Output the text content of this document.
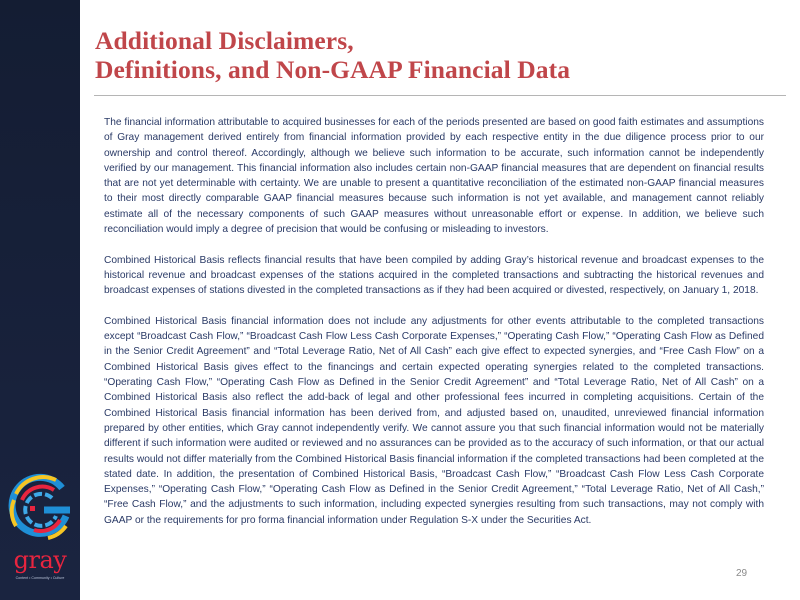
gray
Content • Community • Culture
Additional Disclaimers,
Definitions, and Non-GAAP Financial Data

The financial information attributable to acquired businesses for each of the periods presented are based on good faith estimates and assumptions of Gray management derived entirely from financial information provided by each respective entity in the due diligence process prior to our ownership and control thereof. Accordingly, although we believe such information to be accurate, such information cannot be independently verified by our management. This financial information also includes certain non-GAAP financial measures that are dependent on financial results that are not yet determinable with certainty. We are unable to present a quantitative reconciliation of the estimated non-GAAP financial measures to their most directly comparable GAAP financial measures because such information is not yet available, and management cannot reliably estimate all of the necessary components of such GAAP measures without unreasonable effort or expense. In addition, we believe such reconciliation would imply a degree of precision that would be confusing or misleading to investors.

Combined Historical Basis reflects financial results that have been compiled by adding Gray’s historical revenue and broadcast expenses to the historical revenue and broadcast expenses of the stations acquired in the completed transactions and subtracting the historical revenues and broadcast expenses of stations divested in the completed transactions as if they had been acquired or divested, respectively, on January 1, 2018.

Combined Historical Basis financial information does not include any adjustments for other events attributable to the completed transactions except “Broadcast Cash Flow,” “Broadcast Cash Flow Less Cash Corporate Expenses,” “Operating Cash Flow,” “Operating Cash Flow as Defined in the Senior Credit Agreement” and “Total Leverage Ratio, Net of All Cash” each give effect to expected synergies, and “Free Cash Flow” on a Combined Historical Basis gives effect to the financings and certain expected operating synergies related to the completed transactions. “Operating Cash Flow,” “Operating Cash Flow as Defined in the Senior Credit Agreement” and “Total Leverage Ratio, Net of All Cash” on a Combined Historical Basis also reflect the add-back of legal and other professional fees incurred in completing acquisitions. Certain of the Combined Historical Basis financial information has been derived from, and adjusted based on, unaudited, unreviewed financial information prepared by other entities, which Gray cannot independently verify. We cannot assure you that such financial information would not be materially different if such information were audited or reviewed and no assurances can be provided as to the accuracy of such information, or that our actual results would not differ materially from the Combined Historical Basis financial information if the completed transactions had been completed at the stated date. In addition, the presentation of Combined Historical Basis, “Broadcast Cash Flow,” “Broadcast Cash Flow Less Cash Corporate Expenses,” “Operating Cash Flow,” “Operating Cash Flow as Defined in the Senior Credit Agreement,” “Total Leverage Ratio, Net of All Cash,” “Free Cash Flow,” and the adjustments to such information, including expected synergies resulting from such transactions, may not comply with GAAP or the requirements for pro forma financial information under Regulation S-X under the Securities Act.

29
